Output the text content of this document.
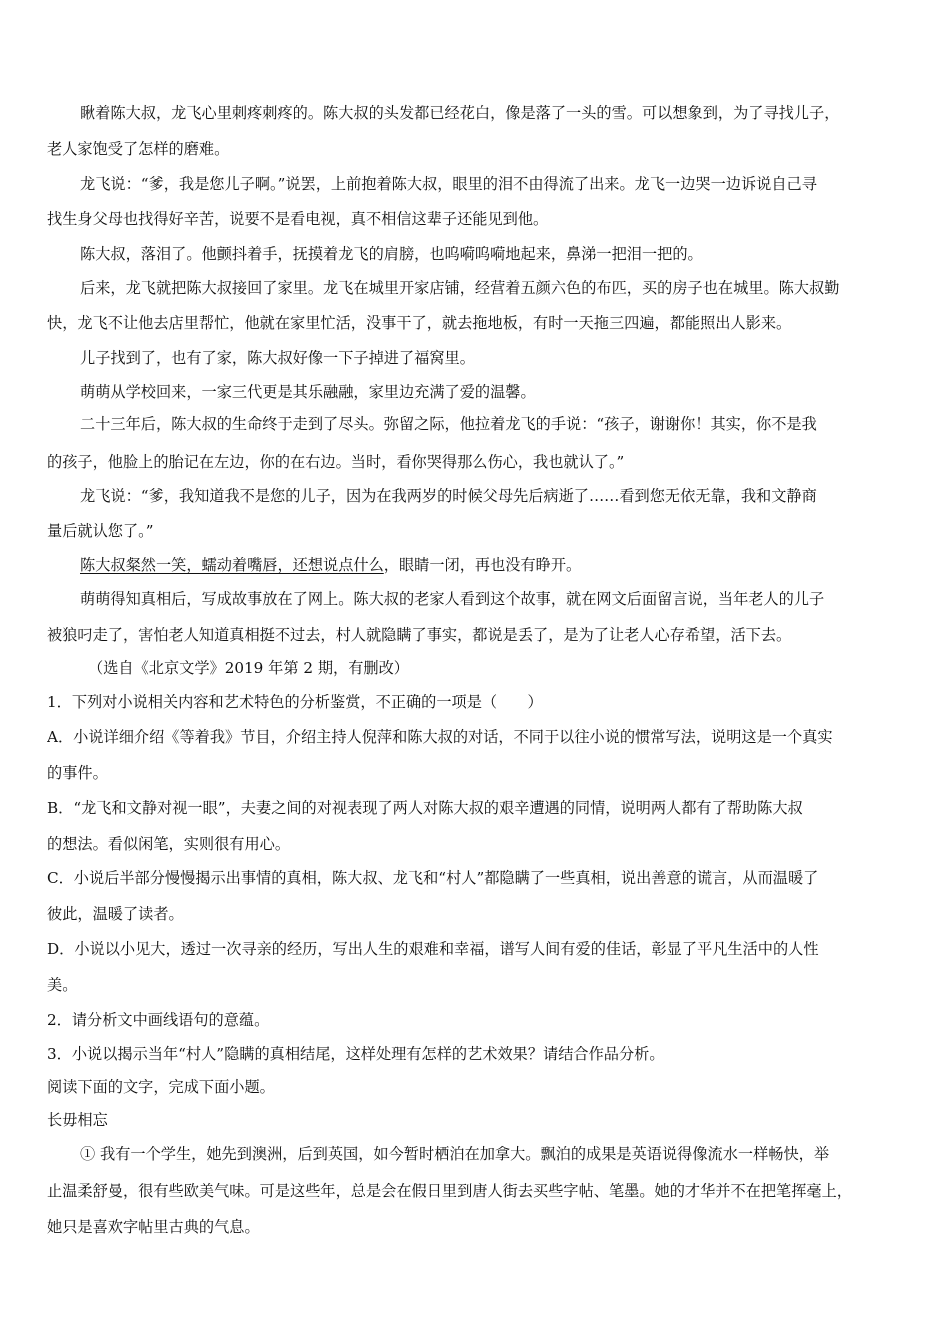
瞅着陈大叔，龙飞心里刺疼刺疼的。陈大叔的头发都已经花白，像是落了一头的雪。可以想象到，为了寻找儿子，
老人家饱受了怎样的磨难。
龙飞说：“爹，我是您儿子啊。”说罢，上前抱着陈大叔，眼里的泪不由得流了出来。龙飞一边哭一边诉说自己寻
找生身父母也找得好辛苦，说要不是看电视，真不相信这辈子还能见到他。
陈大叔，落泪了。他颤抖着手，抚摸着龙飞的肩膀，也呜嗬呜嗬地起来，鼻涕一把泪一把的。
后来，龙飞就把陈大叔接回了家里。龙飞在城里开家店铺，经营着五颜六色的布匹，买的房子也在城里。陈大叔勤
快，龙飞不让他去店里帮忙，他就在家里忙活，没事干了，就去拖地板，有时一天拖三四遍，都能照出人影来。
儿子找到了，也有了家，陈大叔好像一下子掉进了福窝里。
萌萌从学校回来，一家三代更是其乐融融，家里边充满了爱的温馨。
二十三年后，陈大叔的生命终于走到了尽头。弥留之际，他拉着龙飞的手说：“孩子，谢谢你！其实，你不是我
的孩子，他脸上的胎记在左边，你的在右边。当时，看你哭得那么伤心，我也就认了。”
龙飞说：“爹，我知道我不是您的儿子，因为在我两岁的时候父母先后病逝了……看到您无依无靠，我和文静商
量后就认您了。”
陈大叔粲然一笑，蠕动着嘴唇，还想说点什么，眼睛一闭，再也没有睁开。
萌萌得知真相后，写成故事放在了网上。陈大叔的老家人看到这个故事，就在网文后面留言说，当年老人的儿子
被狼叼走了，害怕老人知道真相挺不过去，村人就隐瞒了事实，都说是丢了，是为了让老人心存希望，活下去。
（选自《北京文学》2019 年第 2 期，有删改）
1．下列对小说相关内容和艺术特色的分析鉴赏，不正确的一项是（　　）
A．小说详细介绍《等着我》节目，介绍主持人倪萍和陈大叔的对话，不同于以往小说的惯常写法，说明这是一个真实
的事件。
B．“龙飞和文静对视一眼”，夫妻之间的对视表现了两人对陈大叔的艰辛遭遇的同情，说明两人都有了帮助陈大叔
的想法。看似闲笔，实则很有用心。
C．小说后半部分慢慢揭示出事情的真相，陈大叔、龙飞和“村人”都隐瞒了一些真相，说出善意的谎言，从而温暖了
彼此，温暖了读者。
D．小说以小见大，透过一次寻亲的经历，写出人生的艰难和幸福，谱写人间有爱的佳话，彰显了平凡生活中的人性
美。
2．请分析文中画线语句的意蕴。
3．小说以揭示当年“村人”隐瞒的真相结尾，这样处理有怎样的艺术效果？请结合作品分析。
阅读下面的文字，完成下面小题。
长毋相忘
① 我有一个学生，她先到澳洲，后到英国，如今暂时栖泊在加拿大。飘泊的成果是英语说得像流水一样畅快，举
止温柔舒曼，很有些欧美气味。可是这些年，总是会在假日里到唐人街去买些字帖、笔墨。她的才华并不在把笔挥毫上，
她只是喜欢字帖里古典的气息。
